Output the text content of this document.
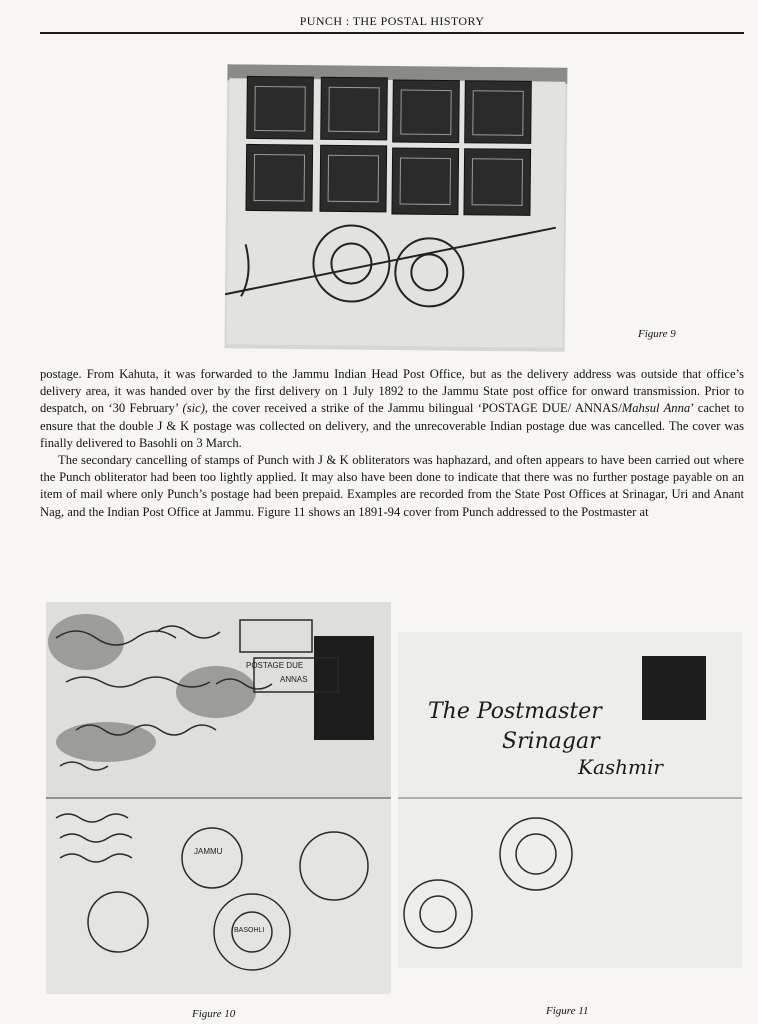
PUNCH : THE POSTAL HISTORY
Figure 9

postage. From Kahuta, it was forwarded to the Jammu Indian Head Post Office, but as the delivery address was outside that office’s delivery area, it was handed over by the first delivery on 1 July 1892 to the Jammu State post office for onward transmission. Prior to despatch, on ‘30 February’ (sic), the cover received a strike of the Jammu bilingual ‘POSTAGE DUE/ ANNAS/Mahsul Anna’ cachet to ensure that the double J & K postage was collected on delivery, and the unrecoverable Indian postage due was cancelled. The cover was finally delivered to Basohli on 3 March.

The secondary cancelling of stamps of Punch with J & K obliterators was haphazard, and often appears to have been carried out where the Punch obliterator had been too lightly applied. It may also have been done to indicate that there was no further postage payable on an item of mail where only Punch’s postage had been prepaid. Examples are recorded from the State Post Offices at Srinagar, Uri and Anant Nag, and the Indian Post Office at Jammu. Figure 11 shows an 1891-94 cover from Punch addressed to the Postmaster at

POSTAGE DUE
ANNAS
JAMMU
BASOHLI
Figure 10
The Postmaster
Srinagar
Kashmir
Figure 11
